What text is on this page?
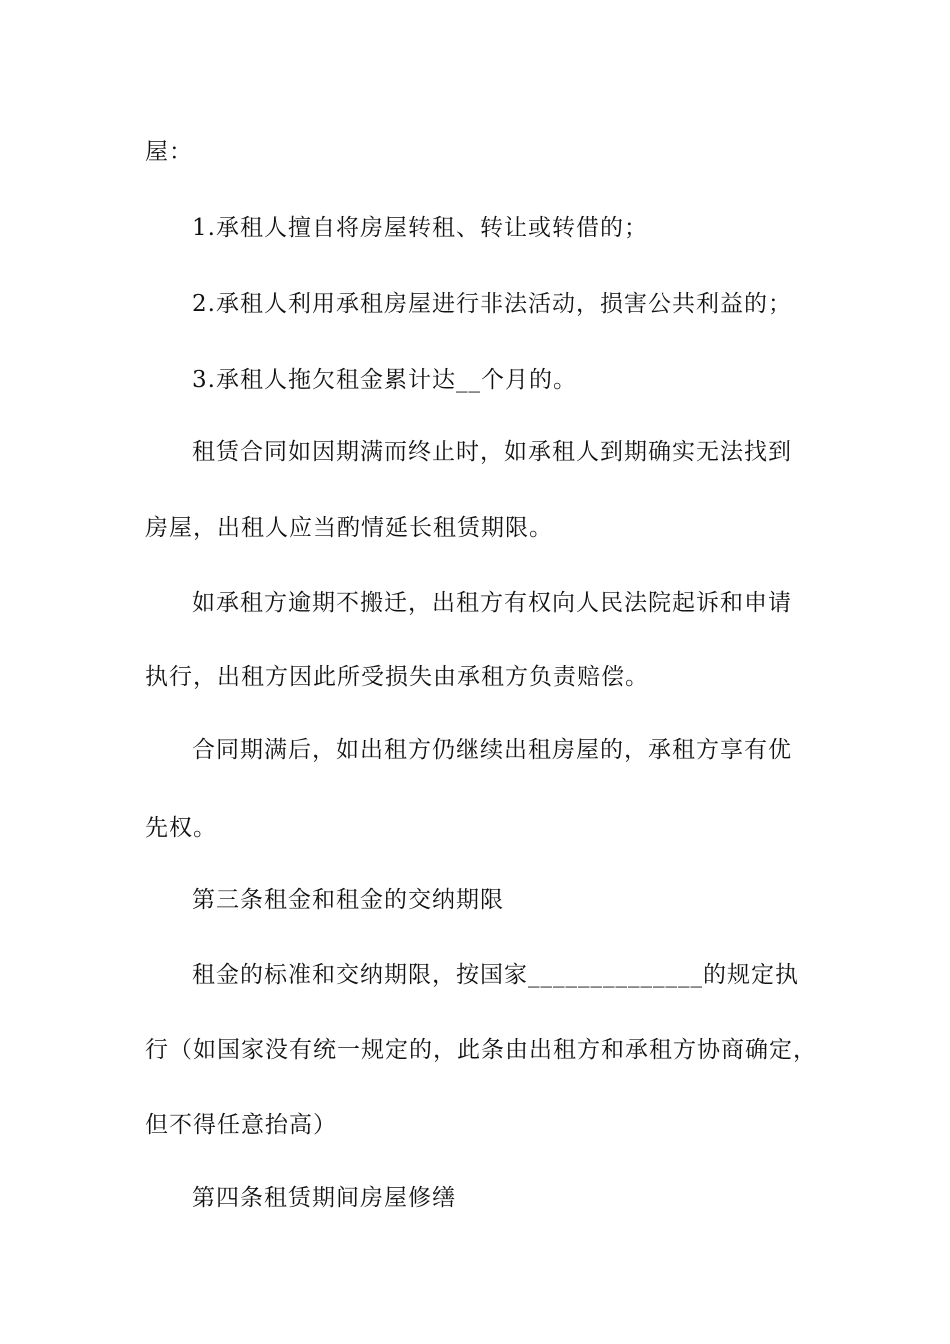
屋：
1.承租人擅自将房屋转租、转让或转借的；
2.承租人利用承租房屋进行非法活动，损害公共利益的；
3.承租人拖欠租金累计达__个月的。
租赁合同如因期满而终止时，如承租人到期确实无法找到
房屋，出租人应当酌情延长租赁期限。
如承租方逾期不搬迁，出租方有权向人民法院起诉和申请
执行，出租方因此所受损失由承租方负责赔偿。
合同期满后，如出租方仍继续出租房屋的，承租方享有优
先权。
第三条租金和租金的交纳期限
租金的标准和交纳期限，按国家______________的规定执
行（如国家没有统一规定的，此条由出租方和承租方协商确定，
但不得任意抬高）
第四条租赁期间房屋修缮
